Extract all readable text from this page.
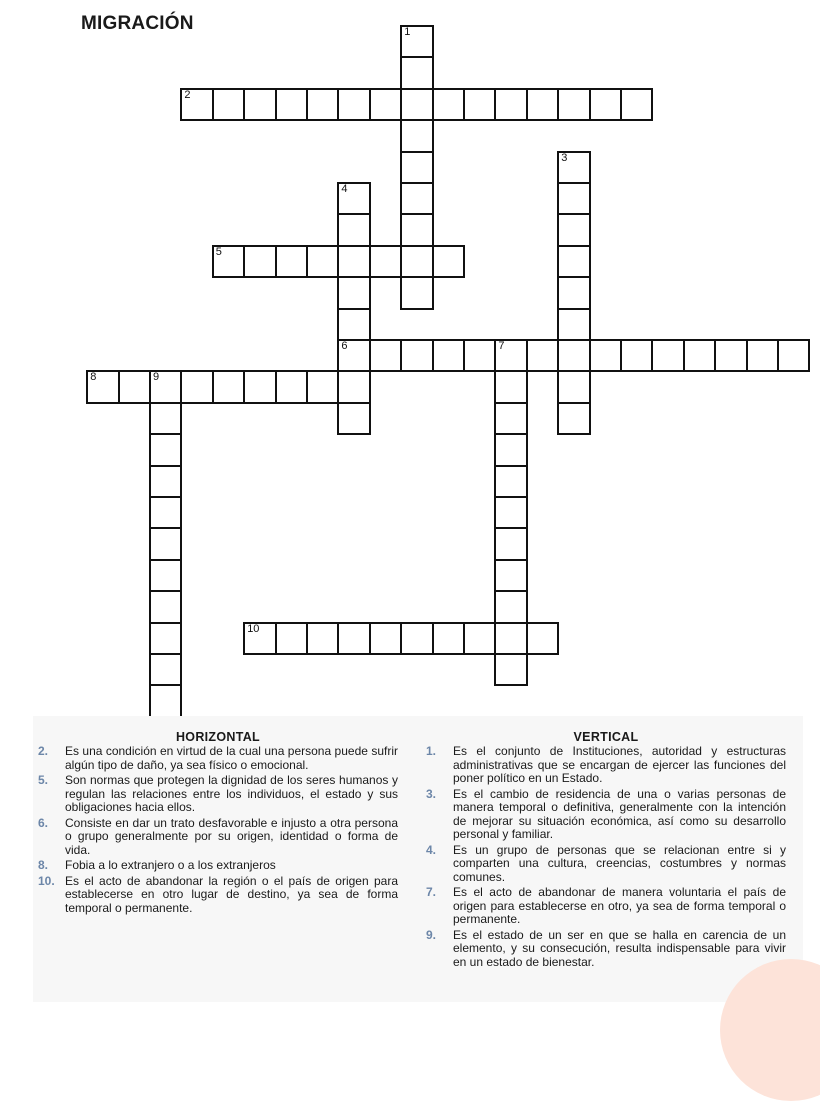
MIGRACIÓN	1
2
3
4
6
5
7
8	9
10
HORIZONTAL
2. Es una condición en virtud de la cual una persona puede sufrir algún tipo de daño, ya sea físico o emocional.
5. Son normas que protegen la dignidad de los seres humanos y regulan las relaciones entre los individuos, el estado y sus obligaciones hacia ellos.
6. Consiste en dar un trato desfavorable e injusto a otra persona o grupo generalmente por su origen, identidad o forma de vida.
8. Fobia a lo extranjero o a los extranjeros
10. Es el acto de abandonar la región o el país de origen para establecerse en otro lugar de destino, ya sea de forma temporal o permanente.
VERTICAL
1. Es el conjunto de Instituciones, autoridad y estructuras administrativas que se encargan de ejercer las funciones del poner político en un Estado.
3. Es el cambio de residencia de una o varias personas de manera temporal o definitiva, generalmente con la intención de mejorar su situación económica, así como su desarrollo personal y familiar.
4. Es un grupo de personas que se relacionan entre si y comparten una cultura, creencias, costumbres y normas comunes.
7. Es el acto de abandonar de manera voluntaria el país de origen para establecerse en otro, ya sea de forma temporal o permanente.
9. Es el estado de un ser en que se halla en carencia de un elemento, y su consecución, resulta indispensable para vivir en un estado de bienestar.
